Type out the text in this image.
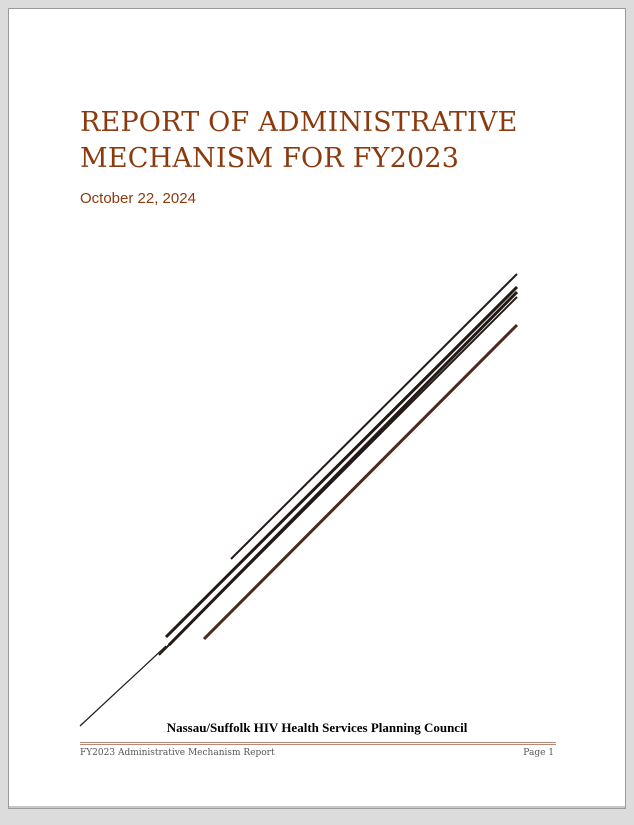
REPORT OF ADMINISTRATIVE
MECHANISM FOR FY2023
October 22, 2024
Nassau/Suffolk HIV Health Services Planning Council
FY2023 Administrative Mechanism Report	Page 1
